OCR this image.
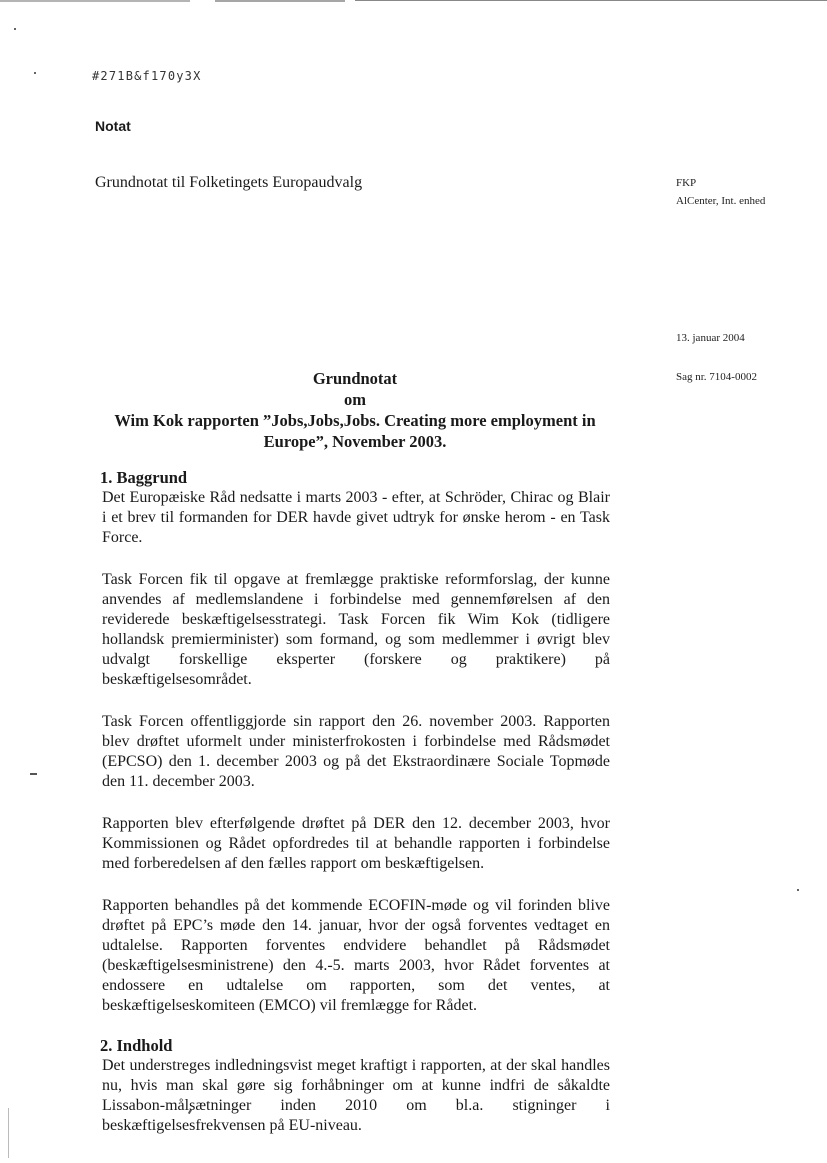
#271B&f170y3X
Notat
Grundnotat til Folketingets Europaudvalg	FKP
AlCenter, Int. enhed
13. januar 2004
Sag nr. 7104-0002
Grundnotat
om
Wim Kok rapporten ”Jobs,Jobs,Jobs. Creating more employment in Europe”, November 2003.

1. Baggrund

Det Europæiske Råd nedsatte i marts 2003 - efter, at Schröder, Chirac og Blair i et brev til formanden for DER havde givet udtryk for ønske herom - en Task Force.

Task Forcen fik til opgave at fremlægge praktiske reformforslag, der kunne anvendes af medlemslandene i forbindelse med gennemførelsen af den reviderede beskæftigelsesstrategi. Task Forcen fik Wim Kok (tidligere hollandsk premierminister) som formand, og som medlemmer i øvrigt blev udvalgt forskellige eksperter (forskere og praktikere) på beskæftigelsesområdet.

Task Forcen offentliggjorde sin rapport den 26. november 2003. Rapporten blev drøftet uformelt under ministerfrokosten i forbindelse med Rådsmødet (EPCSO) den 1. december 2003 og på det Ekstraordinære Sociale Topmøde den 11. december 2003.

Rapporten blev efterfølgende drøftet på DER den 12. december 2003, hvor Kommissionen og Rådet opfordredes til at behandle rapporten i forbindelse med forberedelsen af den fælles rapport om beskæftigelsen.

Rapporten behandles på det kommende ECOFIN-møde og vil forinden blive drøftet på EPC’s møde den 14. januar, hvor der også forventes vedtaget en udtalelse. Rapporten forventes endvidere behandlet på Rådsmødet (beskæftigelsesministrene) den 4.-5. marts 2003, hvor Rådet forventes at endossere en udtalelse om rapporten, som det ventes, at beskæftigelseskomiteen (EMCO) vil fremlægge for Rådet.

2. Indhold

Det understreges indledningsvist meget kraftigt i rapporten, at der skal handles nu, hvis man skal gøre sig forhåbninger om at kunne indfri de såkaldte Lissabon-målsætninger inden 2010 om bl.a. stigninger i beskæftigelsesfrekvensen på EU-niveau.
